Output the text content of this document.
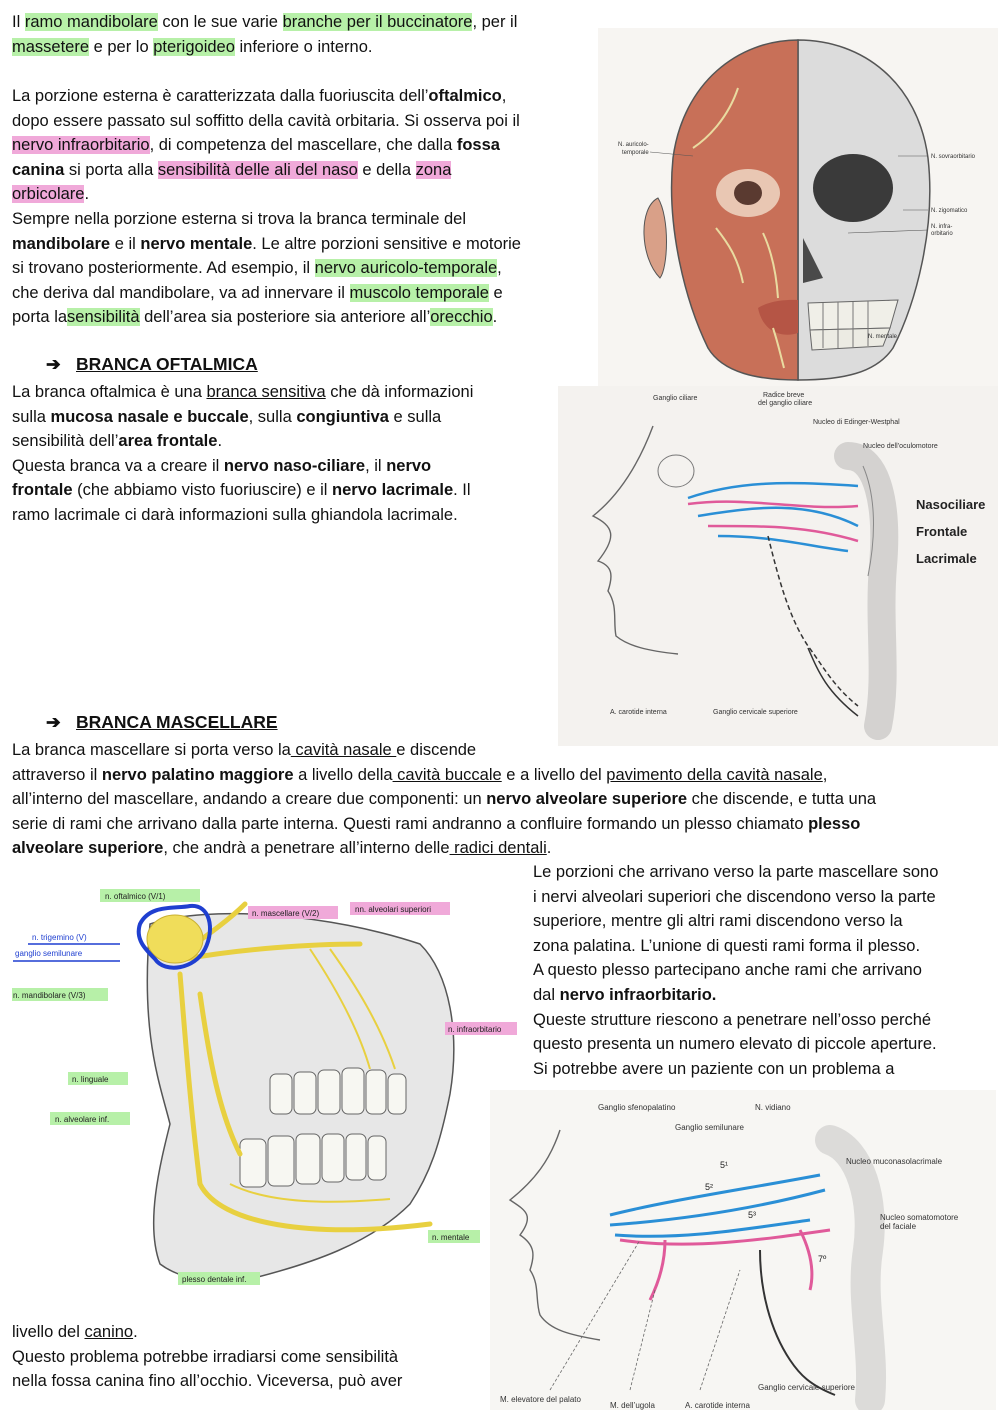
Il ramo mandibolare con le sue varie branche per il buccinatore, per il
massetere e per lo pterigoideo inferiore o interno.
La porzione esterna è caratterizzata dalla fuoriuscita dell’oftalmico,
dopo essere passato sul soffitto della cavità orbitaria. Si osserva poi il
nervo infraorbitario, di competenza del mascellare, che dalla fossa
canina si porta alla sensibilità delle ali del naso e della zona
orbicolare.
Sempre nella porzione esterna si trova la branca terminale del
mandibolare e il nervo mentale. Le altre porzioni sensitive e motorie
si trovano posteriormente. Ad esempio, il nervo auricolo-temporale,
che deriva dal mandibolare, va ad innervare il muscolo temporale e
porta lasensibilità dell’area sia posteriore sia anteriore all’orecchio.
➔ BRANCA OFTALMICA
La branca oftalmica è una branca sensitiva che dà informazioni
sulla mucosa nasale e buccale, sulla congiuntiva e sulla
sensibilità dell’area frontale.
Questa branca va a creare il nervo naso-ciliare, il nervo
frontale (che abbiamo visto fuoriuscire) e il nervo lacrimale. Il
ramo lacrimale ci darà informazioni sulla ghiandola lacrimale.
➔ BRANCA MASCELLARE
La branca mascellare si porta verso la cavità nasale e discende
attraverso il nervo palatino maggiore a livello della cavità buccale e a livello del pavimento della cavità nasale,
all’interno del mascellare, andando a creare due componenti: un nervo alveolare superiore che discende, e tutta una
serie di rami che arrivano dalla parte interna. Questi rami andranno a confluire formando un plesso chiamato plesso
alveolare superiore, che andrà a penetrare all’interno delle radici dentali.
Le porzioni che arrivano verso la parte mascellare sono
i nervi alveolari superiori che discendono verso la parte
superiore, mentre gli altri rami discendono verso la
zona palatina. L’unione di questi rami forma il plesso.
A questo plesso partecipano anche rami che arrivano
dal nervo infraorbitario.
Queste strutture riescono a penetrare nell’osso perché
questo presenta un numero elevato di piccole aperture.
Si potrebbe avere un paziente con un problema a
livello del canino.
Questo problema potrebbe irradiarsi come sensibilità
nella fossa canina fino all’occhio. Viceversa, può aver
N. auricolo-
temporale
N. sovraorbitario
N. zigomatico
N. infra-
orbitario
N. mentale
Ganglio ciliare	Radice breve
del ganglio ciliare
Nucleo di Edinger-Westphal
Nucleo dell’oculomotore
Nasociliare
Frontale
Lacrimale
A. carotide interna	Ganglio cervicale superiore
n. oftalmico (V/1)
n. mascellare (V/2)	nn. alveolari superiori
n. trigemino (V)
ganglio semilunare
n. mandibolare (V/3)
n. infraorbitario
n. linguale
n. alveolare inf.
n. mentale
plesso dentale inf.
Ganglio sfenopalatino	N. vidiano
Ganglio semilunare
Nucleo muconasolacrimale
Nucleo somatomotore
del faciale
5¹
5²
5³
7º
M. elevatore del palato
M. dell’ugola	A. carotide interna
Ganglio cervicale superiore
